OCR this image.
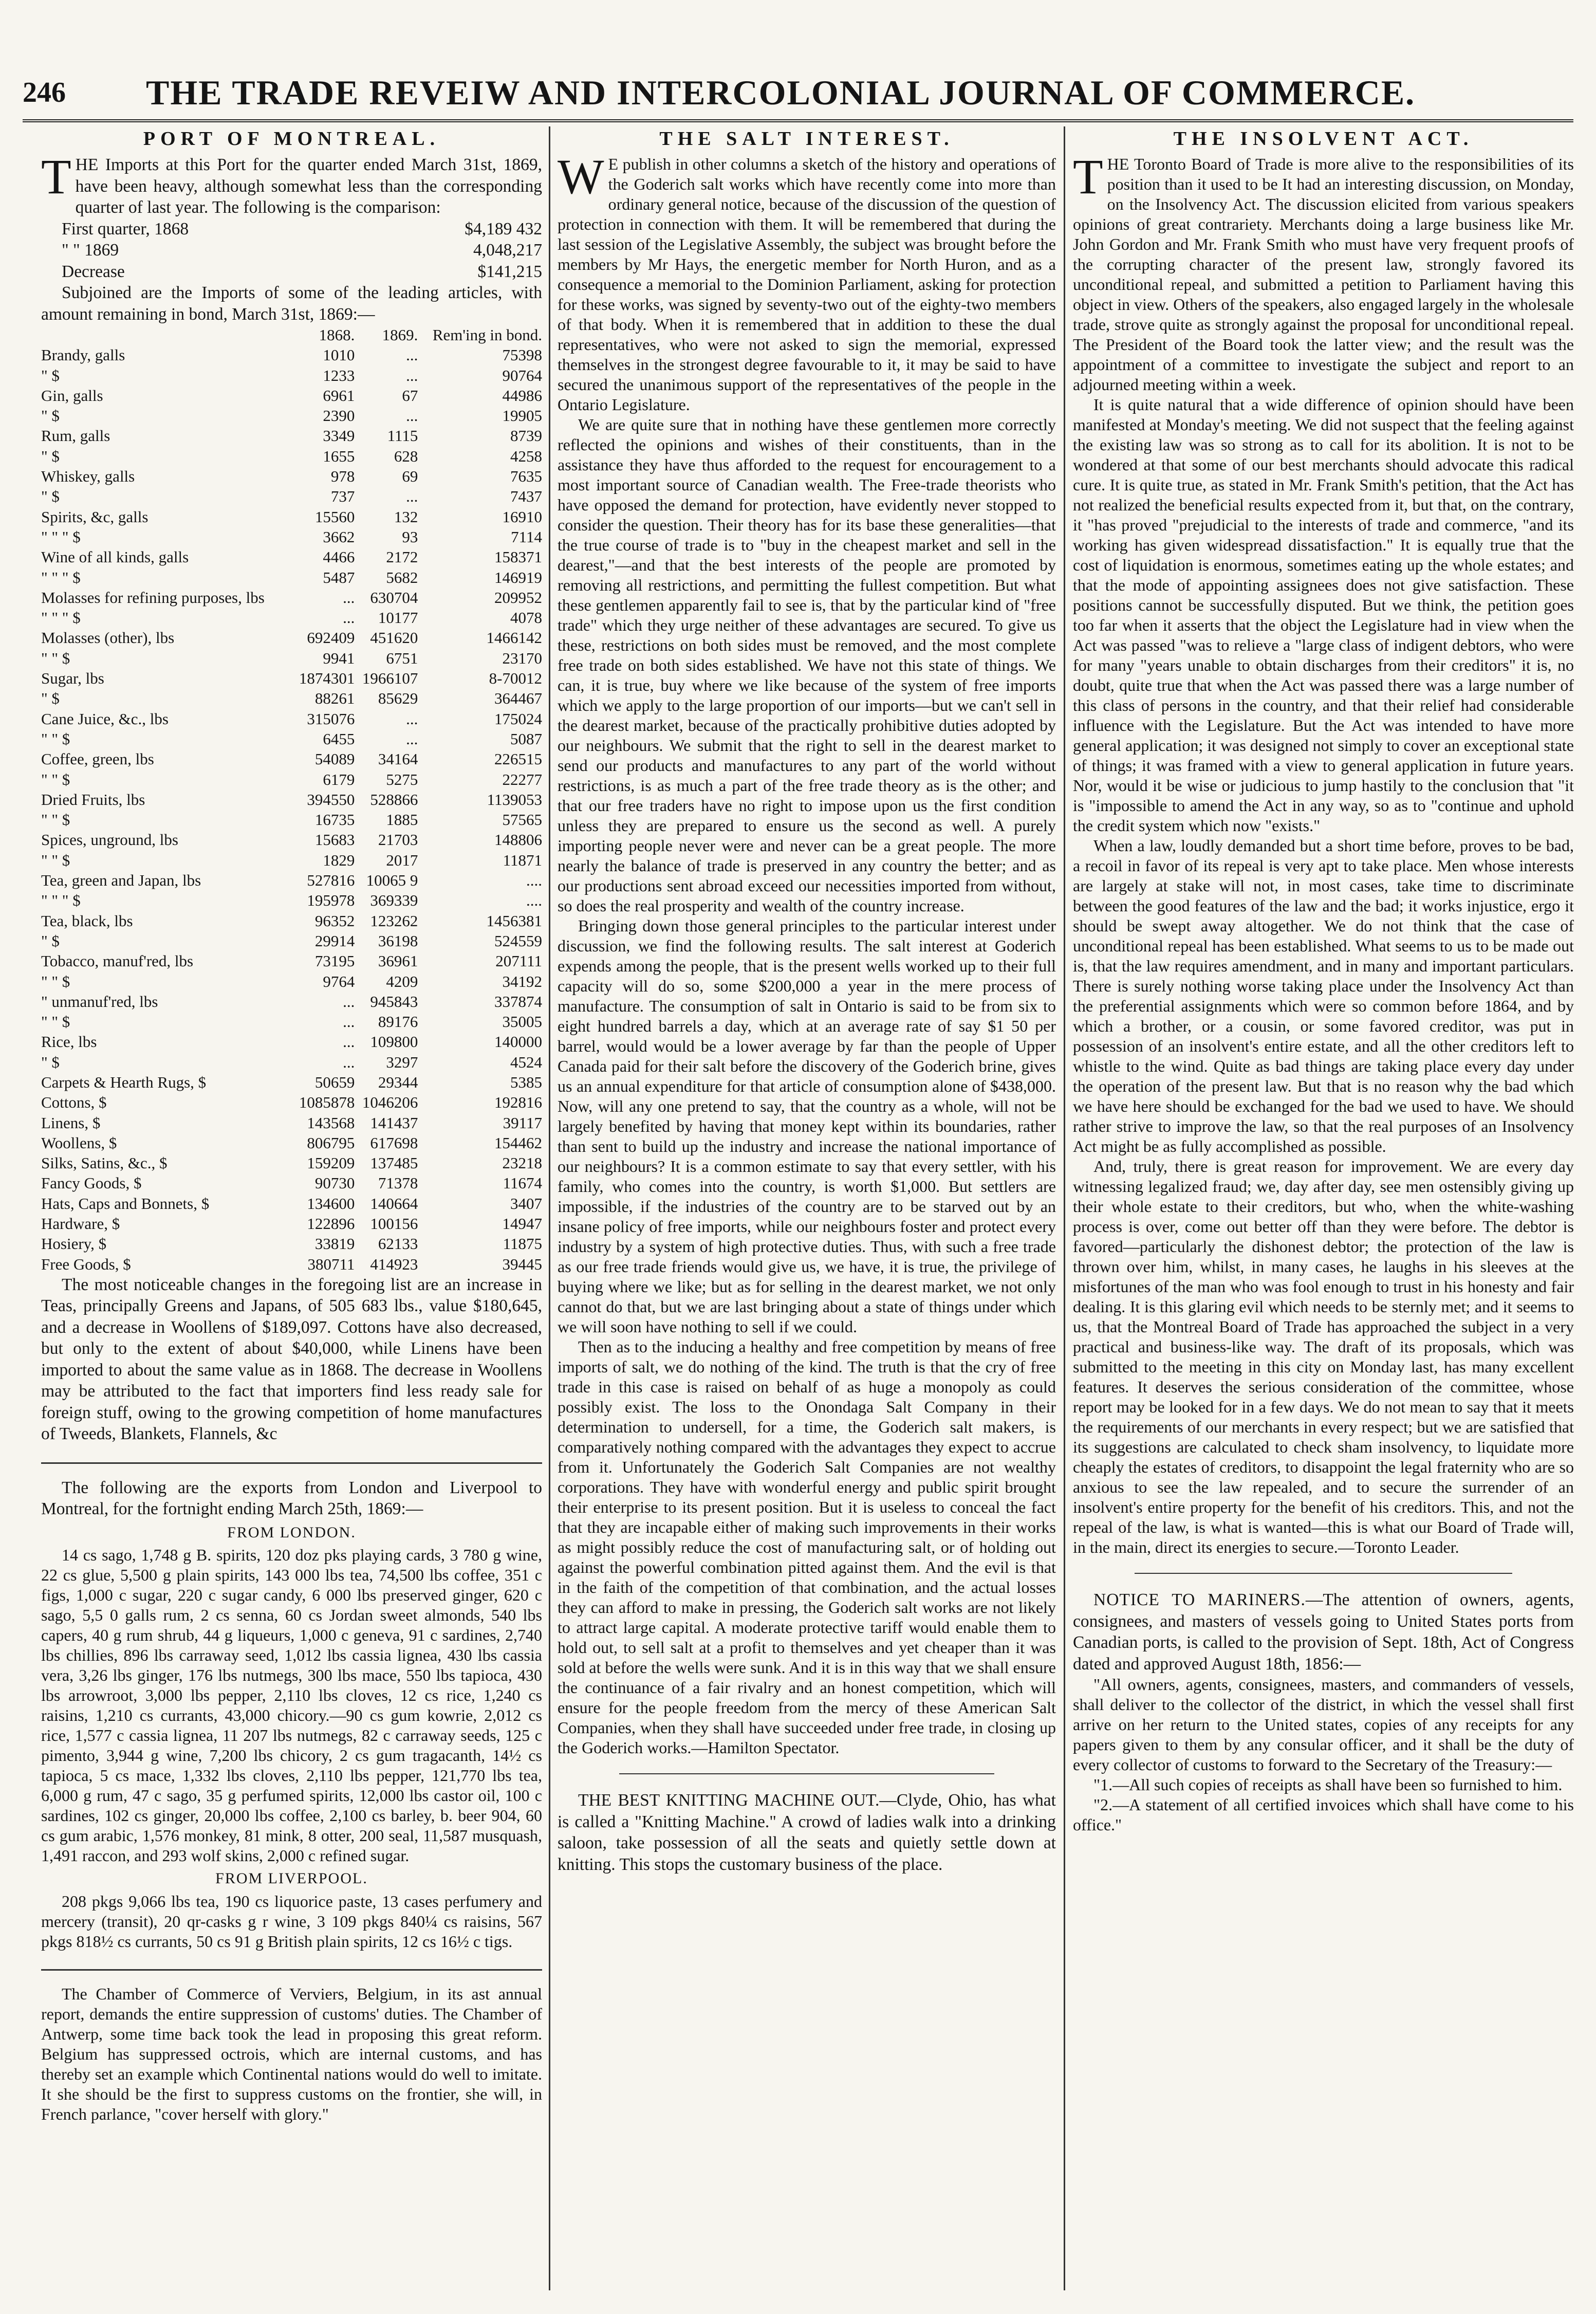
246 THE TRADE REVEIW AND INTERCOLONIAL JOURNAL OF COMMERCE.
PORT OF MONTREAL.

THE Imports at this Port for the quarter ended March 31st, 1869, have been heavy, although somewhat less than the corresponding quarter of last year. The following is the comparison:

First quarter, 1868	$4,189 432
" " 1869	4,048,217
Decrease	$141,215

Subjoined are the Imports of some of the leading articles, with amount remaining in bond, March 31st, 1869:—

	1868.	1869.	Rem'ing in bond.
Brandy, galls	1010	...	75398
" $	1233	...	90764
Gin, galls	6961	67	44986
" $	2390	...	19905
Rum, galls	3349	1115	8739
" $	1655	628	4258
Whiskey, galls	978	69	7635
" $	737	...	7437
Spirits, &c, galls	15560	132	16910
" " " $	3662	93	7114
Wine of all kinds, galls	4466	2172	158371
" " " $	5487	5682	146919
Molasses for refining purposes, lbs	...	630704	209952
" " " $	...	10177	4078
Molasses (other), lbs	692409	451620	1466142
" " $	9941	6751	23170
Sugar, lbs	1874301	1966107	8-70012
" $	88261	85629	364467
Cane Juice, &c., lbs	315076	...	175024
" " $	6455	...	5087
Coffee, green, lbs	54089	34164	226515
" " $	6179	5275	22277
Dried Fruits, lbs	394550	528866	1139053
" " $	16735	1885	57565
Spices, unground, lbs	15683	21703	148806
" " $	1829	2017	11871
Tea, green and Japan, lbs	527816	10065 9	....
" " " $	195978	369339	....
Tea, black, lbs	96352	123262	1456381
" $	29914	36198	524559
Tobacco, manuf'red, lbs	73195	36961	207111
" " $	9764	4209	34192
" unmanuf'red, lbs	...	945843	337874
" " $	...	89176	35005
Rice, lbs	...	109800	140000
" $	...	3297	4524
Carpets & Hearth Rugs, $	50659	29344	5385
Cottons, $	1085878	1046206	192816
Linens, $	143568	141437	39117
Woollens, $	806795	617698	154462
Silks, Satins, &c., $	159209	137485	23218
Fancy Goods, $	90730	71378	11674
Hats, Caps and Bonnets, $	134600	140664	3407
Hardware, $	122896	100156	14947
Hosiery, $	33819	62133	11875
Free Goods, $	380711	414923	39445

The most noticeable changes in the foregoing list are an increase in Teas, principally Greens and Japans, of 505 683 lbs., value $180,645, and a decrease in Woollens of $189,097. Cottons have also decreased, but only to the extent of about $40,000, while Linens have been imported to about the same value as in 1868. The decrease in Woollens may be attributed to the fact that importers find less ready sale for foreign stuff, owing to the growing competition of home manufactures of Tweeds, Blankets, Flannels, &c

The following are the exports from London and Liverpool to Montreal, for the fortnight ending March 25th, 1869:—

FROM LONDON.

14 cs sago, 1,748 g B. spirits, 120 doz pks playing cards, 3 780 g wine, 22 cs glue, 5,500 g plain spirits, 143 000 lbs tea, 74,500 lbs coffee, 351 c figs, 1,000 c sugar, 220 c sugar candy, 6 000 lbs preserved ginger, 620 c sago, 5,5 0 galls rum, 2 cs senna, 60 cs Jordan sweet almonds, 540 lbs capers, 40 g rum shrub, 44 g liqueurs, 1,000 c geneva, 91 c sardines, 2,740 lbs chillies, 896 lbs carraway seed, 1,012 lbs cassia lignea, 430 lbs cassia vera, 3,26 lbs ginger, 176 lbs nutmegs, 300 lbs mace, 550 lbs tapioca, 430 lbs arrowroot, 3,000 lbs pepper, 2,110 lbs cloves, 12 cs rice, 1,240 cs raisins, 1,210 cs currants, 43,000 chicory.—90 cs gum kowrie, 2,012 cs rice, 1,577 c cassia lignea, 11 207 lbs nutmegs, 82 c carraway seeds, 125 c pimento, 3,944 g wine, 7,200 lbs chicory, 2 cs gum tragacanth, 14½ cs tapioca, 5 cs mace, 1,332 lbs cloves, 2,110 lbs pepper, 121,770 lbs tea, 6,000 g rum, 47 c sago, 35 g perfumed spirits, 12,000 lbs castor oil, 100 c sardines, 102 cs ginger, 20,000 lbs coffee, 2,100 cs barley, b. beer 904, 60 cs gum arabic, 1,576 monkey, 81 mink, 8 otter, 200 seal, 11,587 musquash, 1,491 raccon, and 293 wolf skins, 2,000 c refined sugar.

FROM LIVERPOOL.

208 pkgs 9,066 lbs tea, 190 cs liquorice paste, 13 cases perfumery and mercery (transit), 20 qr-casks g r wine, 3 109 pkgs 840¼ cs raisins, 567 pkgs 818½ cs currants, 50 cs 91 g British plain spirits, 12 cs 16½ c tigs.

The Chamber of Commerce of Verviers, Belgium, in its ast annual report, demands the entire suppression of customs' duties. The Chamber of Antwerp, some time back took the lead in proposing this great reform. Belgium has suppressed octrois, which are internal customs, and has thereby set an example which Continental nations would do well to imitate. It she should be the first to suppress customs on the frontier, she will, in French parlance, "cover herself with glory."

THE SALT INTEREST.

WE publish in other columns a sketch of the history and operations of the Goderich salt works which have recently come into more than ordinary general notice, because of the discussion of the question of protection in connection with them. It will be remembered that during the last session of the Legislative Assembly, the subject was brought before the members by Mr Hays, the energetic member for North Huron, and as a consequence a memorial to the Dominion Parliament, asking for protection for these works, was signed by seventy-two out of the eighty-two members of that body. When it is remembered that in addition to these the dual representatives, who were not asked to sign the memorial, expressed themselves in the strongest degree favourable to it, it may be said to have secured the unanimous support of the representatives of the people in the Ontario Legislature.

We are quite sure that in nothing have these gentlemen more correctly reflected the opinions and wishes of their constituents, than in the assistance they have thus afforded to the request for encouragement to a most important source of Canadian wealth. The Free-trade theorists who have opposed the demand for protection, have evidently never stopped to consider the question. Their theory has for its base these generalities—that the true course of trade is to "buy in the cheapest market and sell in the dearest,"—and that the best interests of the people are promoted by removing all restrictions, and permitting the fullest competition. But what these gentlemen apparently fail to see is, that by the particular kind of "free trade" which they urge neither of these advantages are secured. To give us these, restrictions on both sides must be removed, and the most complete free trade on both sides established. We have not this state of things. We can, it is true, buy where we like because of the system of free imports which we apply to the large proportion of our imports—but we can't sell in the dearest market, because of the practically prohibitive duties adopted by our neighbours. We submit that the right to sell in the dearest market to send our products and manufactures to any part of the world without restrictions, is as much a part of the free trade theory as is the other; and that our free traders have no right to impose upon us the first condition unless they are prepared to ensure us the second as well. A purely importing people never were and never can be a great people. The more nearly the balance of trade is preserved in any country the better; and as our productions sent abroad exceed our necessities imported from without, so does the real prosperity and wealth of the country increase.

Bringing down those general principles to the particular interest under discussion, we find the following results. The salt interest at Goderich expends among the people, that is the present wells worked up to their full capacity will do so, some $200,000 a year in the mere process of manufacture. The consumption of salt in Ontario is said to be from six to eight hundred barrels a day, which at an average rate of say $1 50 per barrel, would would be a lower average by far than the people of Upper Canada paid for their salt before the discovery of the Goderich brine, gives us an annual expenditure for that article of consumption alone of $438,000. Now, will any one pretend to say, that the country as a whole, will not be largely benefited by having that money kept within its boundaries, rather than sent to build up the industry and increase the national importance of our neighbours? It is a common estimate to say that every settler, with his family, who comes into the country, is worth $1,000. But settlers are impossible, if the industries of the country are to be starved out by an insane policy of free imports, while our neighbours foster and protect every industry by a system of high protective duties. Thus, with such a free trade as our free trade friends would give us, we have, it is true, the privilege of buying where we like; but as for selling in the dearest market, we not only cannot do that, but we are last bringing about a state of things under which we will soon have nothing to sell if we could.

Then as to the inducing a healthy and free competition by means of free imports of salt, we do nothing of the kind. The truth is that the cry of free trade in this case is raised on behalf of as huge a monopoly as could possibly exist. The loss to the Onondaga Salt Company in their determination to undersell, for a time, the Goderich salt makers, is comparatively nothing compared with the advantages they expect to accrue from it. Unfortunately the Goderich Salt Companies are not wealthy corporations. They have with wonderful energy and public spirit brought their enterprise to its present position. But it is useless to conceal the fact that they are incapable either of making such improvements in their works as might possibly reduce the cost of manufacturing salt, or of holding out against the powerful combination pitted against them. And the evil is that in the faith of the competition of that combination, and the actual losses they can afford to make in pressing, the Goderich salt works are not likely to attract large capital. A moderate protective tariff would enable them to hold out, to sell salt at a profit to themselves and yet cheaper than it was sold at before the wells were sunk. And it is in this way that we shall ensure the continuance of a fair rivalry and an honest competition, which will ensure for the people freedom from the mercy of these American Salt Companies, when they shall have succeeded under free trade, in closing up the Goderich works.—Hamilton Spectator.

THE BEST KNITTING MACHINE OUT.—Clyde, Ohio, has what is called a "Knitting Machine." A crowd of ladies walk into a drinking saloon, take possession of all the seats and quietly settle down at knitting. This stops the customary business of the place.

THE INSOLVENT ACT.

THE Toronto Board of Trade is more alive to the responsibilities of its position than it used to be It had an interesting discussion, on Monday, on the Insolvency Act. The discussion elicited from various speakers opinions of great contrariety. Merchants doing a large business like Mr. John Gordon and Mr. Frank Smith who must have very frequent proofs of the corrupting character of the present law, strongly favored its unconditional repeal, and submitted a petition to Parliament having this object in view. Others of the speakers, also engaged largely in the wholesale trade, strove quite as strongly against the proposal for unconditional repeal. The President of the Board took the latter view; and the result was the appointment of a committee to investigate the subject and report to an adjourned meeting within a week.

It is quite natural that a wide difference of opinion should have been manifested at Monday's meeting. We did not suspect that the feeling against the existing law was so strong as to call for its abolition. It is not to be wondered at that some of our best merchants should advocate this radical cure. It is quite true, as stated in Mr. Frank Smith's petition, that the Act has not realized the beneficial results expected from it, but that, on the contrary, it "has proved "prejudicial to the interests of trade and commerce, "and its working has given widespread dissatisfaction." It is equally true that the cost of liquidation is enormous, sometimes eating up the whole estates; and that the mode of appointing assignees does not give satisfaction. These positions cannot be successfully disputed. But we think, the petition goes too far when it asserts that the object the Legislature had in view when the Act was passed "was to relieve a "large class of indigent debtors, who were for many "years unable to obtain discharges from their creditors" it is, no doubt, quite true that when the Act was passed there was a large number of this class of persons in the country, and that their relief had considerable influence with the Legislature. But the Act was intended to have more general application; it was designed not simply to cover an exceptional state of things; it was framed with a view to general application in future years. Nor, would it be wise or judicious to jump hastily to the conclusion that "it is "impossible to amend the Act in any way, so as to "continue and uphold the credit system which now "exists."

When a law, loudly demanded but a short time before, proves to be bad, a recoil in favor of its repeal is very apt to take place. Men whose interests are largely at stake will not, in most cases, take time to discriminate between the good features of the law and the bad; it works injustice, ergo it should be swept away altogether. We do not think that the case of unconditional repeal has been established. What seems to us to be made out is, that the law requires amendment, and in many and important particulars. There is surely nothing worse taking place under the Insolvency Act than the preferential assignments which were so common before 1864, and by which a brother, or a cousin, or some favored creditor, was put in possession of an insolvent's entire estate, and all the other creditors left to whistle to the wind. Quite as bad things are taking place every day under the operation of the present law. But that is no reason why the bad which we have here should be exchanged for the bad we used to have. We should rather strive to improve the law, so that the real purposes of an Insolvency Act might be as fully accomplished as possible.

And, truly, there is great reason for improvement. We are every day witnessing legalized fraud; we, day after day, see men ostensibly giving up their whole estate to their creditors, but who, when the white-washing process is over, come out better off than they were before. The debtor is favored—particularly the dishonest debtor; the protection of the law is thrown over him, whilst, in many cases, he laughs in his sleeves at the misfortunes of the man who was fool enough to trust in his honesty and fair dealing. It is this glaring evil which needs to be sternly met; and it seems to us, that the Montreal Board of Trade has approached the subject in a very practical and business-like way. The draft of its proposals, which was submitted to the meeting in this city on Monday last, has many excellent features. It deserves the serious consideration of the committee, whose report may be looked for in a few days. We do not mean to say that it meets the requirements of our merchants in every respect; but we are satisfied that its suggestions are calculated to check sham insolvency, to liquidate more cheaply the estates of creditors, to disappoint the legal fraternity who are so anxious to see the law repealed, and to secure the surrender of an insolvent's entire property for the benefit of his creditors. This, and not the repeal of the law, is what is wanted—this is what our Board of Trade will, in the main, direct its energies to secure.—Toronto Leader.

NOTICE TO MARINERS.—The attention of owners, agents, consignees, and masters of vessels going to United States ports from Canadian ports, is called to the provision of Sept. 18th, Act of Congress dated and approved August 18th, 1856:—

"All owners, agents, consignees, masters, and commanders of vessels, shall deliver to the collector of the district, in which the vessel shall first arrive on her return to the United states, copies of any receipts for any papers given to them by any consular officer, and it shall be the duty of every collector of customs to forward to the Secretary of the Treasury:—

"1.—All such copies of receipts as shall have been so furnished to him.

"2.—A statement of all certified invoices which shall have come to his office."
